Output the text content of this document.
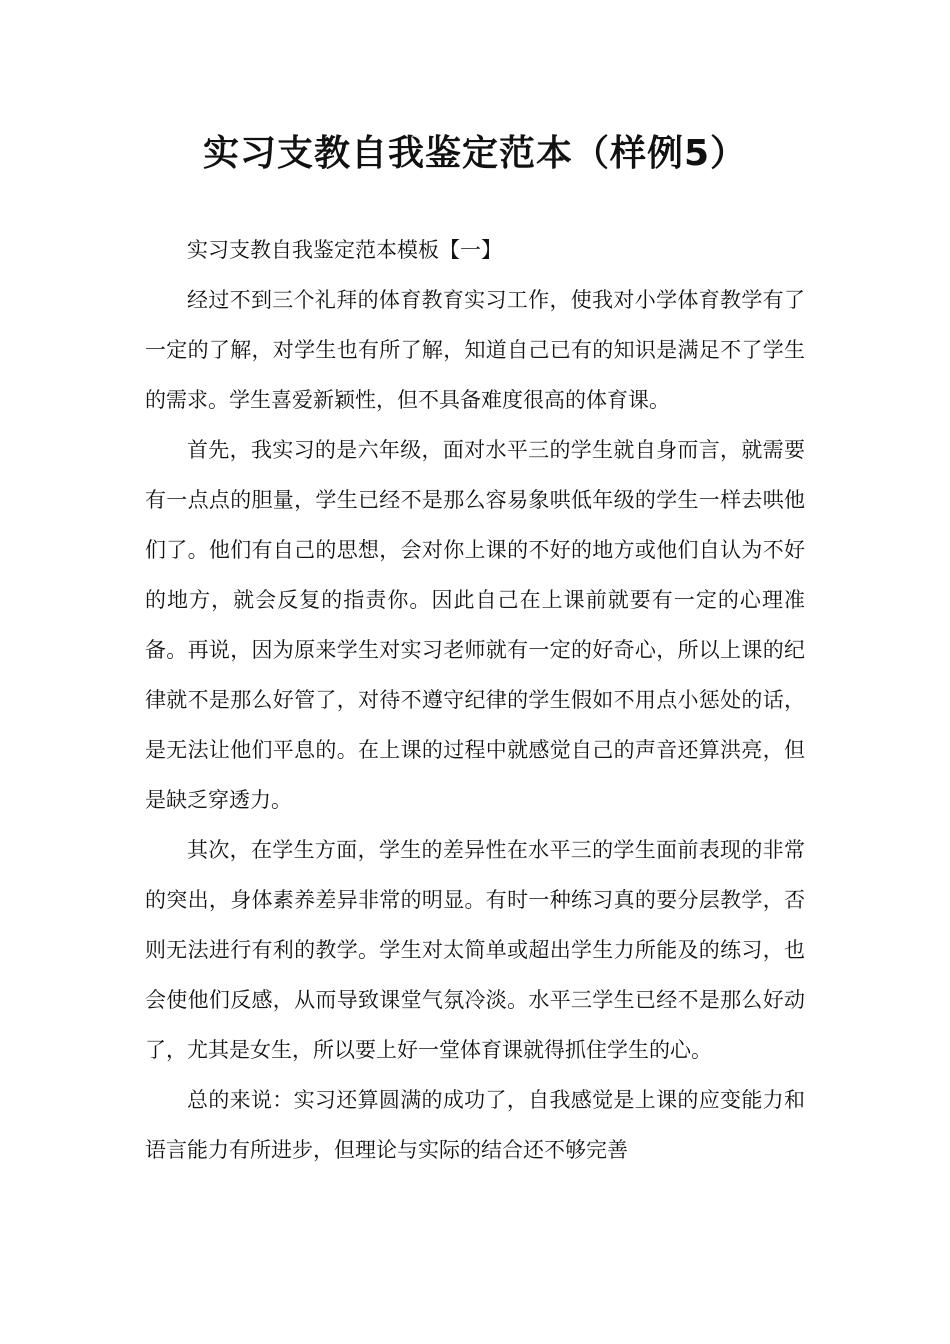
实习支教自我鉴定范本（样例5）

实习支教自我鉴定范本模板【一】

经过不到三个礼拜的体育教育实习工作，使我对小学体育教学有了一定的了解，对学生也有所了解，知道自己已有的知识是满足不了学生的需求。学生喜爱新颖性，但不具备难度很高的体育课。

首先，我实习的是六年级，面对水平三的学生就自身而言，就需要有一点点的胆量，学生已经不是那么容易象哄低年级的学生一样去哄他们了。他们有自己的思想，会对你上课的不好的地方或他们自认为不好的地方，就会反复的指责你。因此自己在上课前就要有一定的心理准备。再说，因为原来学生对实习老师就有一定的好奇心，所以上课的纪律就不是那么好管了，对待不遵守纪律的学生假如不用点小惩处的话，是无法让他们平息的。在上课的过程中就感觉自己的声音还算洪亮，但是缺乏穿透力。

其次，在学生方面，学生的差异性在水平三的学生面前表现的非常的突出，身体素养差异非常的明显。有时一种练习真的要分层教学，否则无法进行有利的教学。学生对太简单或超出学生力所能及的练习，也会使他们反感，从而导致课堂气氛冷淡。水平三学生已经不是那么好动了，尤其是女生，所以要上好一堂体育课就得抓住学生的心。

总的来说：实习还算圆满的成功了，自我感觉是上课的应变能力和语言能力有所进步，但理论与实际的结合还不够完善
